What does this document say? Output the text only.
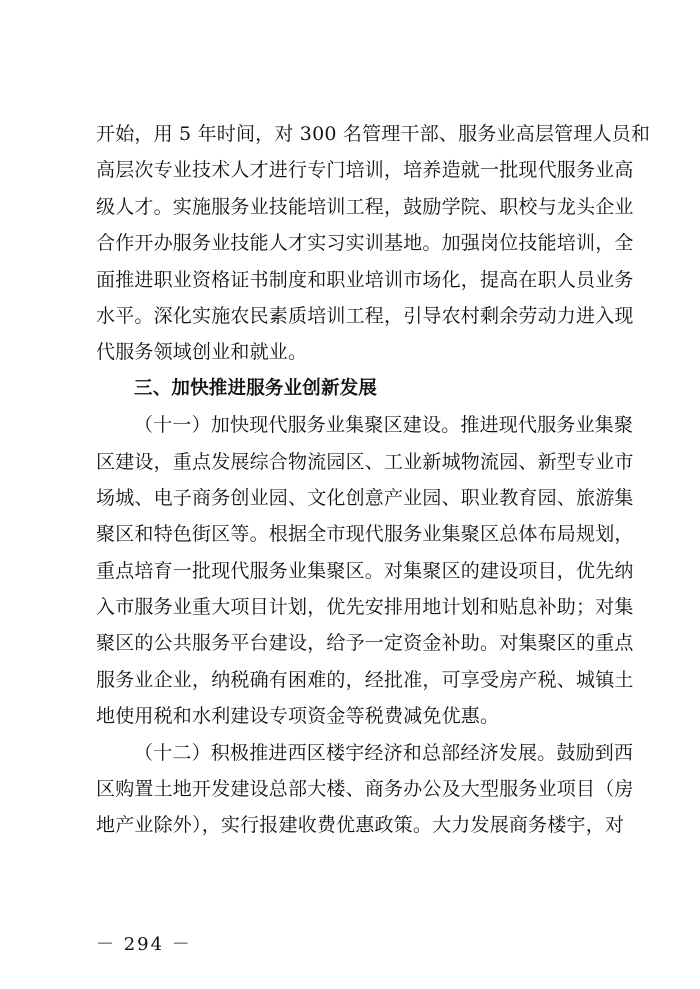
开始，用 5 年时间，对 300 名管理干部、服务业高层管理人员和
高层次专业技术人才进行专门培训，培养造就一批现代服务业高
级人才。实施服务业技能培训工程，鼓励学院、职校与龙头企业
合作开办服务业技能人才实习实训基地。加强岗位技能培训，全
面推进职业资格证书制度和职业培训市场化，提高在职人员业务
水平。深化实施农民素质培训工程，引导农村剩余劳动力进入现
代服务领域创业和就业。
三、加快推进服务业创新发展
（十一）加快现代服务业集聚区建设。推进现代服务业集聚
区建设，重点发展综合物流园区、工业新城物流园、新型专业市
场城、电子商务创业园、文化创意产业园、职业教育园、旅游集
聚区和特色街区等。根据全市现代服务业集聚区总体布局规划，
重点培育一批现代服务业集聚区。对集聚区的建设项目，优先纳
入市服务业重大项目计划，优先安排用地计划和贴息补助；对集
聚区的公共服务平台建设，给予一定资金补助。对集聚区的重点
服务业企业，纳税确有困难的，经批准，可享受房产税、城镇土
地使用税和水利建设专项资金等税费减免优惠。
（十二）积极推进西区楼宇经济和总部经济发展。鼓励到西
区购置土地开发建设总部大楼、商务办公及大型服务业项目（房
地产业除外），实行报建收费优惠政策。大力发展商务楼宇，对
－ 294 －
